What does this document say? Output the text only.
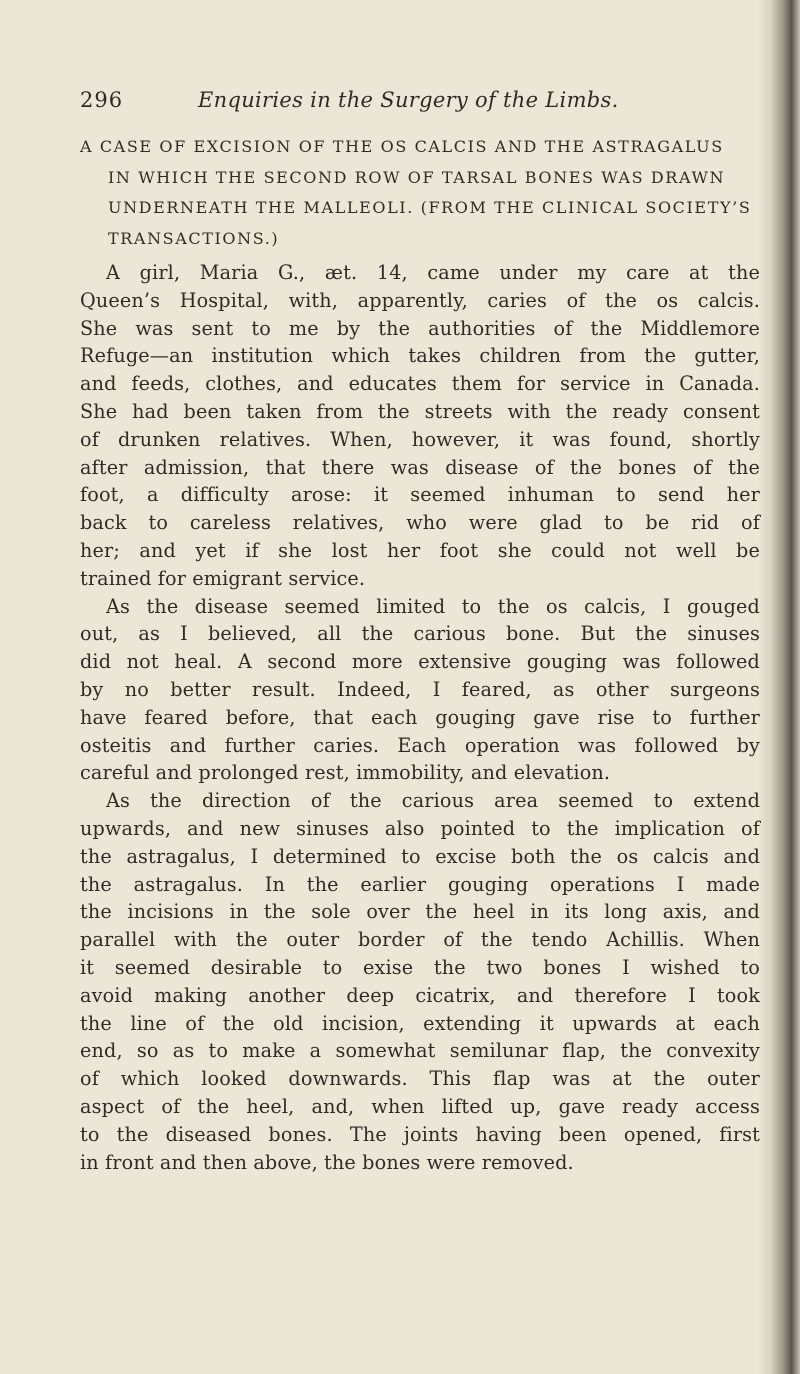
296	Enquiries in the Surgery of the Limbs.
A CASE OF EXCISION OF THE OS CALCIS AND THE ASTRAGALUS
IN WHICH THE SECOND ROW OF TARSAL BONES WAS DRAWN
UNDERNEATH THE MALLEOLI. (FROM THE CLINICAL SOCIETY’S
TRANSACTIONS.)
A girl, Maria G., æt. 14, came under my care at the
Queen’s Hospital, with, apparently, caries of the os calcis.
She was sent to me by the authorities of the Middlemore
Refuge—an institution which takes children from the gutter,
and feeds, clothes, and educates them for service in Canada.
She had been taken from the streets with the ready consent
of drunken relatives. When, however, it was found, shortly
after admission, that there was disease of the bones of the
foot, a difficulty arose: it seemed inhuman to send her
back to careless relatives, who were glad to be rid of
her; and yet if she lost her foot she could not well be
trained for emigrant service.
As the disease seemed limited to the os calcis, I gouged
out, as I believed, all the carious bone. But the sinuses
did not heal. A second more extensive gouging was followed
by no better result. Indeed, I feared, as other surgeons
have feared before, that each gouging gave rise to further
osteitis and further caries. Each operation was followed by
careful and prolonged rest, immobility, and elevation.
As the direction of the carious area seemed to extend
upwards, and new sinuses also pointed to the implication of
the astragalus, I determined to excise both the os calcis and
the astragalus. In the earlier gouging operations I made
the incisions in the sole over the heel in its long axis, and
parallel with the outer border of the tendo Achillis. When
it seemed desirable to exise the two bones I wished to
avoid making another deep cicatrix, and therefore I took
the line of the old incision, extending it upwards at each
end, so as to make a somewhat semilunar flap, the convexity
of which looked downwards. This flap was at the outer
aspect of the heel, and, when lifted up, gave ready access
to the diseased bones. The joints having been opened, first
in front and then above, the bones were removed.
